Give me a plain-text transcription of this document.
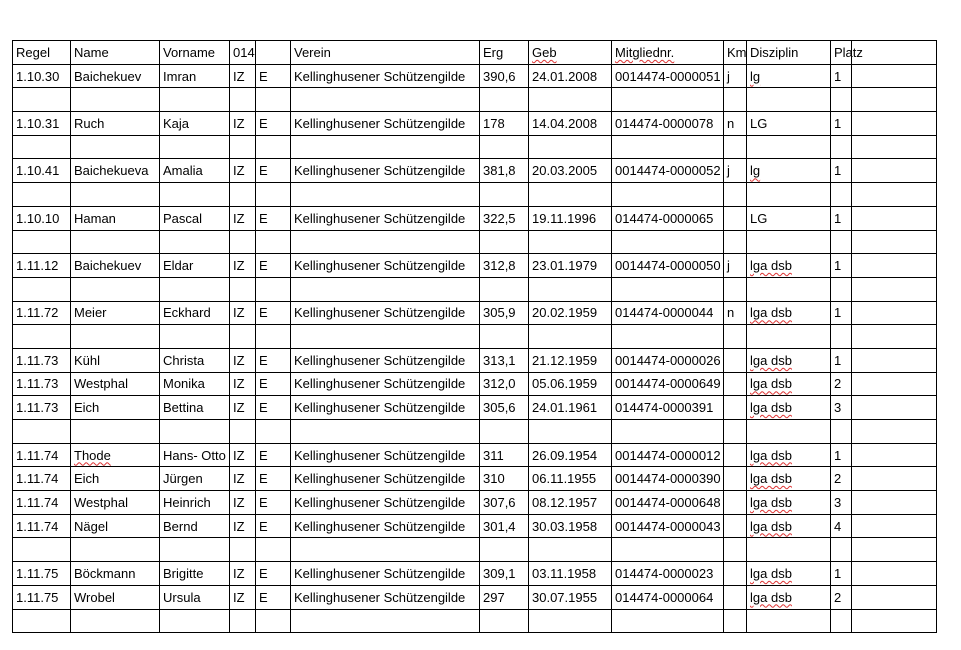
Regel	Name	Vorname	014		Verein	Erg	Geb	Mitgliednr.	Km	Disziplin	Platz	
1.10.30	Baichekuev	Imran	IZ	E	Kellinghusener Schützengilde	390,6	24.01.2008	0014474-0000051	j	lg	1	

1.10.31	Ruch	Kaja	IZ	E	Kellinghusener Schützengilde	178	14.04.2008	014474-0000078	n	LG	1	

1.10.41	Baichekueva	Amalia	IZ	E	Kellinghusener Schützengilde	381,8	20.03.2005	0014474-0000052	j	lg	1	

1.10.10	Haman	Pascal	IZ	E	Kellinghusener Schützengilde	322,5	19.11.1996	014474-0000065		LG	1	

1.11.12	Baichekuev	Eldar	IZ	E	Kellinghusener Schützengilde	312,8	23.01.1979	0014474-0000050	j	lga dsb	1	

1.11.72	Meier	Eckhard	IZ	E	Kellinghusener Schützengilde	305,9	20.02.1959	014474-0000044	n	lga dsb	1	

1.11.73	Kühl	Christa	IZ	E	Kellinghusener Schützengilde	313,1	21.12.1959	0014474-0000026		lga dsb	1	
1.11.73	Westphal	Monika	IZ	E	Kellinghusener Schützengilde	312,0	05.06.1959	0014474-0000649		lga dsb	2	
1.11.73	Eich	Bettina	IZ	E	Kellinghusener Schützengilde	305,6	24.01.1961	014474-0000391		lga dsb	3	

1.11.74	Thode	Hans- Otto	IZ	E	Kellinghusener Schützengilde	311	26.09.1954	0014474-0000012		lga dsb	1	
1.11.74	Eich	Jürgen	IZ	E	Kellinghusener Schützengilde	310	06.11.1955	0014474-0000390		lga dsb	2	
1.11.74	Westphal	Heinrich	IZ	E	Kellinghusener Schützengilde	307,6	08.12.1957	0014474-0000648		lga dsb	3	
1.11.74	Nägel	Bernd	IZ	E	Kellinghusener Schützengilde	301,4	30.03.1958	0014474-0000043		lga dsb	4	

1.11.75	Böckmann	Brigitte	IZ	E	Kellinghusener Schützengilde	309,1	03.11.1958	014474-0000023		lga dsb	1	
1.11.75	Wrobel	Ursula	IZ	E	Kellinghusener Schützengilde	297	30.07.1955	014474-0000064		lga dsb	2	
